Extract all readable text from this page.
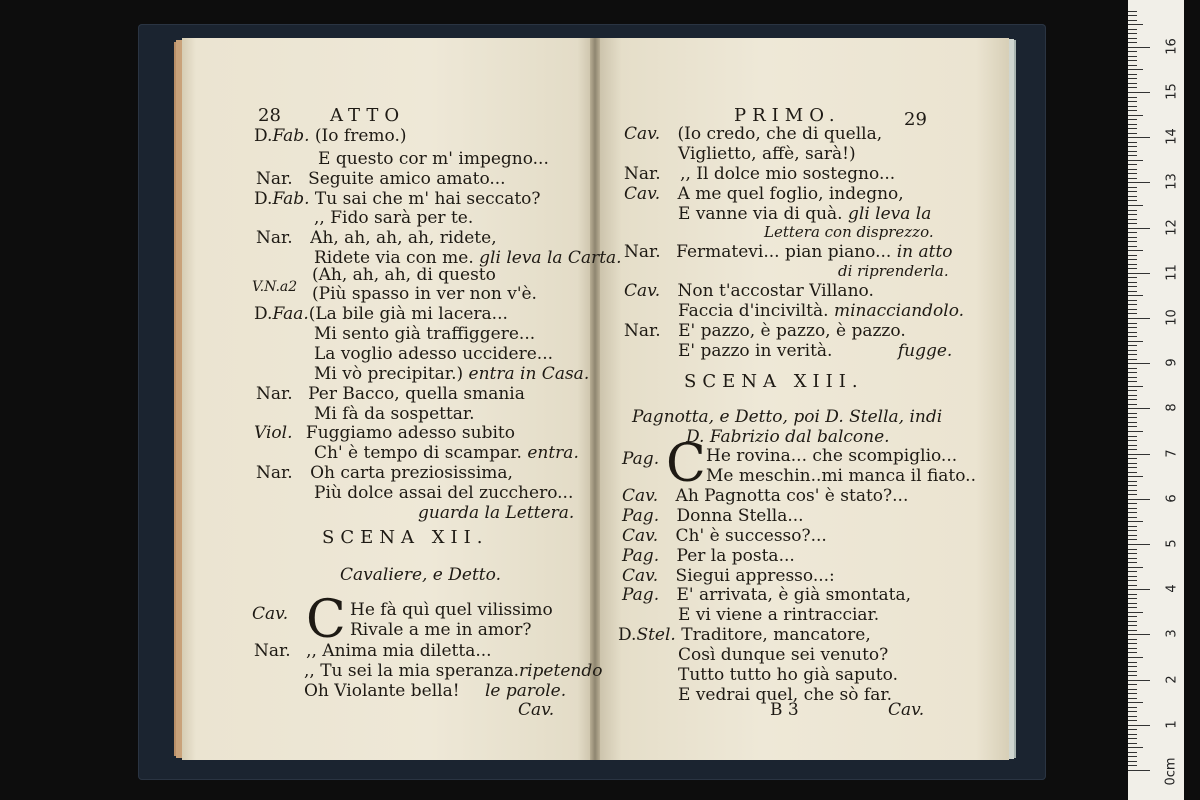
28	ATTO
D.Fab. (Io fremo.)
E questo cor m' impegno...
Nar. Seguite amico amato...
D.Fab. Tu sai che m' hai seccato?
,, Fido sarà per te.
Nar. Ah, ah, ah, ah, ridete,
Ridete via con me. gli leva la Carta.
V.N.a2
(Ah, ah, ah, di questo
(Più spasso in ver non v'è.
D.Faa.(La bile già mi lacera...
Mi sento già traffiggere...
La voglio adesso uccidere...
Mi vò precipitar.) entra in Casa.
Nar. Per Bacco, quella smania
Mi fà da sospettar.
Viol. Fuggiamo adesso subito
Ch' è tempo di scampar. entra.
Nar. Oh carta preziosissima,
Più dolce assai del zucchero...
guarda la Lettera.
SCENA XII.
Cavaliere, e Detto.
Cav. C He fà quì quel vilissimo
Rivale a me in amor?
Nar. ,, Anima mia diletta...
,, Tu sei la mia speranza.ripetendo
Oh Violante bella! le parole.
Cav.
PRIMO.	29
Cav. (Io credo, che di quella,
Viglietto, affè, sarà!)
Nar. ,, Il dolce mio sostegno...
Cav. A me quel foglio, indegno,
E vanne via di quà. gli leva la
Lettera con disprezzo.
Nar. Fermatevi... pian piano... in atto
di riprenderla.
Cav. Non t'accostar Villano.
Faccia d'inciviltà. minacciandolo.
Nar. E' pazzo, è pazzo, è pazzo.
E' pazzo in verità.	fugge.
SCENA XIII.
Pagnotta, e Detto, poi D. Stella, indi
D. Fabrizio dal balcone.
Pag. C He rovina... che scompiglio...
Me meschin..mi manca il fiato..
Cav. Ah Pagnotta cos' è stato?...
Pag. Donna Stella...
Cav. Ch' è successo?...
Pag. Per la posta...
Cav. Siegui appresso...:
Pag. E' arrivata, è già smontata,
E vi viene a rintracciar.
D.Stel. Traditore, mancatore,
Così dunque sei venuto?
Tutto tutto ho già saputo.
E vedrai quel, che sò far.
B 3	Cav.
0cm
1
2
3
4
5
6
7
8
9
10
11
12
13
14
15
16
